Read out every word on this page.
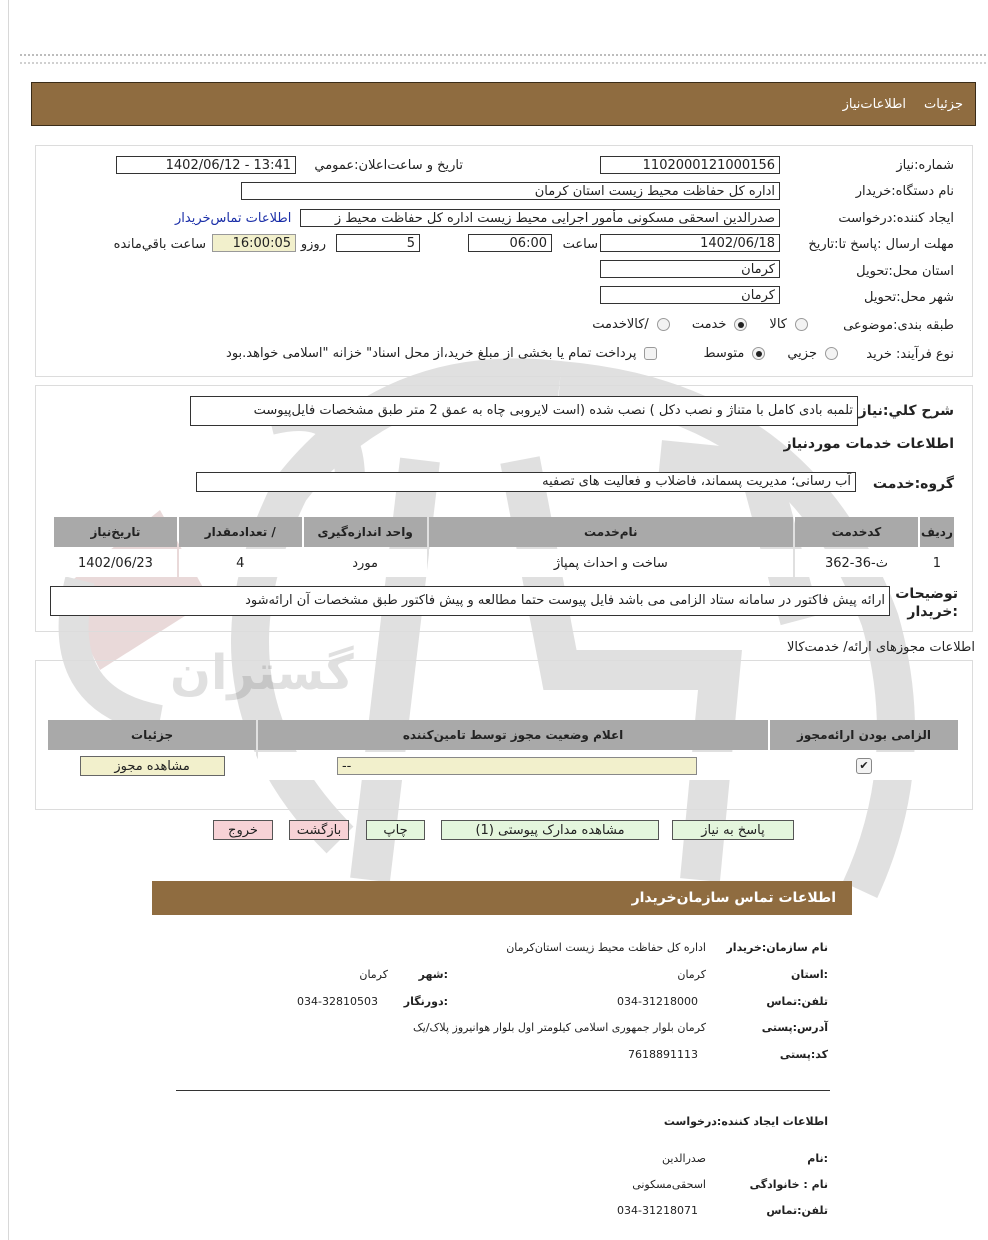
گستران
جزئیات
اطلاعات‌نیاز
شماره:نیاز
1102000121000156
تاریخ و ساعت‌اعلان:عمومي
1402/06/12 - 13:41
نام دستگاه:خریدار
اداره کل حفاظت محیط زیست استان کرمان
ایجاد کننده:درخواست
صدرالدین اسحقی مسکونی مأمور اجرایی محیط زیست اداره کل حفاظت محیط ز
اطلاعات تماس‌خریدار
مهلت ارسال :پاسخ تا:تاریخ
1402/06/18
ساعت
06:00
5
روزو
16:00:05
ساعت باقي‌مانده
استان محل:تحویل
کرمان
شهر محل:تحویل
کرمان
طبقه بندی:موضوعی
کالا
خدمت
/کالاخدمت
نوع فرآیند: خرید
جزیي
متوسط
پرداخت تمام یا بخشی از مبلغ خرید،از محل اسناد" خزانه "اسلامی خواهد.بود
شرح کلي:نیاز
تلمبه بادی کامل با متناژ و نصب دکل ) نصب شده (است لایروبی چاه به عمق 2 متر طبق مشخصات فایل‌پیوست
اطلاعات خدمات موردنیاز
گروه:خدمت
آب رسانی؛ مدیریت پسماند، فاضلاب و فعالیت های تصفیه
ردیف	کدخدمت	نام‌خدمت	واحد اندازه‌گیری	/ تعدادمقدار	تاریخ‌نیاز
1	ث-36-362	ساخت و احداث پمپاژ	مورد	4	1402/06/23
توضیحات
:خریدار
ارائه پیش فاکتور در سامانه ستاد الزامی می باشد فایل پیوست حتما مطالعه و پیش فاکتور طبق مشخصات آن ارائه‌شود
اطلاعات مجوزهای ارائه/ خدمت‌کالا
الزامی بودن ارائه‌مجوز	اعلام وضعیت مجوز توسط تامین‌کننده	جزئیات
✔	--	مشاهده مجوز
پاسخ به نیاز
مشاهده مدارک پیوستی (1)
چاپ
بازگشت
خروج
اطلاعات تماس سازمان‌خریدار
نام سازمان:خریدار
اداره کل حفاظت محیط زیست استان‌کرمان
:استان
کرمان
:شهر
کرمان
تلفن:تماس
034-31218000
:دورنگار
034-32810503
آدرس:پستی
کرمان بلوار جمهوری اسلامی کیلومتر اول بلوار هوانیروز پلاک/یک
کد:پستی
7618891113
اطلاعات ایجاد کننده:درخواست
:نام
صدرالدین
نام : خانوادگی
اسحقی‌مسکونی
تلفن:تماس
034-31218071
